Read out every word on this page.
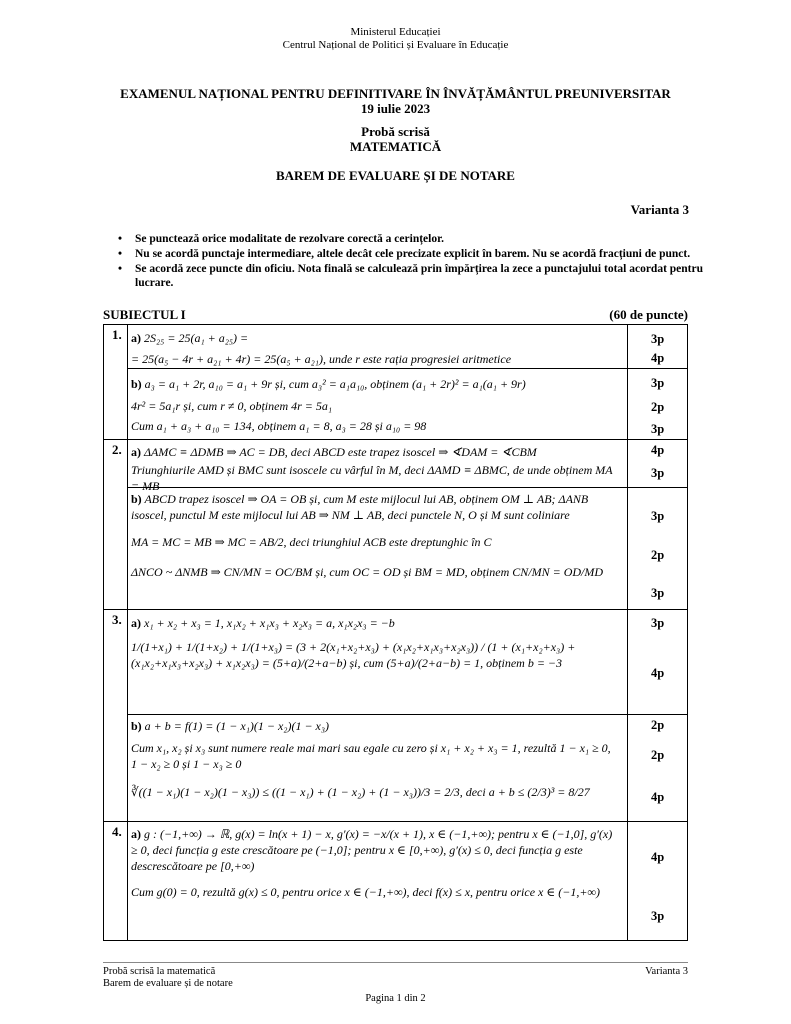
Ministerul Educației
Centrul Național de Politici și Evaluare în Educație
EXAMENUL NAȚIONAL PENTRU DEFINITIVARE ÎN ÎNVĂȚĂMÂNTUL PREUNIVERSITAR
19 iulie 2023
Probă scrisă
MATEMATICĂ
BAREM DE EVALUARE ȘI DE NOTARE
Varianta 3
• Se punctează orice modalitate de rezolvare corectă a cerințelor.
• Nu se acordă punctaje intermediare, altele decât cele precizate explicit în barem. Nu se acordă fracțiuni de punct.
• Se acordă zece puncte din oficiu. Nota finală se calculează prin împărțirea la zece a punctajului total acordat pentru lucrare.
SUBIECTUL I	(60 de puncte)
1. a) 2S₂₅ = 25(a₁ + a₂₅) =
= 25(a₅ − 4r + a₂₁ + 4r) = 25(a₅ + a₂₁), unde r este rația progresiei aritmetice
3p
4p
b) a₃ = a₁ + 2r, a₁₀ = a₁ + 9r și, cum a₃² = a₁a₁₀, obținem (a₁ + 2r)² = a₁(a₁ + 9r)
4r² = 5a₁r și, cum r ≠ 0, obținem 4r = 5a₁
Cum a₁ + a₃ + a₁₀ = 134, obținem a₁ = 8, a₃ = 28 și a₁₀ = 98
3p
2p
3p
2. a) ΔAMC ≡ ΔDMB ⇒ AC = DB, deci ABCD este trapez isoscel ⇒ ∢DAM = ∢CBM
Triunghiurile AMD și BMC sunt isoscele cu vârful în M, deci ΔAMD ≡ ΔBMC, de unde obținem MA = MB
4p
3p
b) ABCD trapez isoscel ⇒ OA = OB și, cum M este mijlocul lui AB, obținem OM ⊥ AB; ΔANB isoscel, punctul M este mijlocul lui AB ⇒ NM ⊥ AB, deci punctele N, O și M sunt coliniare
MA = MC = MB ⇒ MC = AB/2, deci triunghiul ACB este dreptunghic în C
ΔNCO ~ ΔNMB ⇒ CN/MN = OC/BM și, cum OC = OD și BM = MD, obținem CN/MN = OD/MD
3p
2p
3p
3. a) x₁ + x₂ + x₃ = 1, x₁x₂ + x₁x₃ + x₂x₃ = a, x₁x₂x₃ = −b
1/(1+x₁) + 1/(1+x₂) + 1/(1+x₃) = (3 + 2(x₁+x₂+x₃) + (x₁x₂+x₁x₃+x₂x₃)) / (1 + (x₁+x₂+x₃) + (x₁x₂+x₁x₃+x₂x₃) + x₁x₂x₃) = (5+a)/(2+a−b) și, cum (5+a)/(2+a−b) = 1, obținem b = −3
3p
4p
b) a + b = f(1) = (1 − x₁)(1 − x₂)(1 − x₃)
Cum x₁, x₂ și x₃ sunt numere reale mai mari sau egale cu zero și x₁ + x₂ + x₃ = 1, rezultă 1 − x₁ ≥ 0, 1 − x₂ ≥ 0 și 1 − x₃ ≥ 0
∛((1 − x₁)(1 − x₂)(1 − x₃)) ≤ ((1 − x₁) + (1 − x₂) + (1 − x₃))/3 = 2/3, deci a + b ≤ (2/3)³ = 8/27
2p
2p
4p
4. a) g : (−1,+∞) → ℝ, g(x) = ln(x + 1) − x, g′(x) = −x/(x + 1), x ∈ (−1,+∞); pentru x ∈ (−1,0], g′(x) ≥ 0, deci funcția g este crescătoare pe (−1,0]; pentru x ∈ [0,+∞), g′(x) ≤ 0, deci funcția g este descrescătoare pe [0,+∞)
Cum g(0) = 0, rezultă g(x) ≤ 0, pentru orice x ∈ (−1,+∞), deci f(x) ≤ x, pentru orice x ∈ (−1,+∞)
4p
3p
Probă scrisă la matematică
Barem de evaluare și de notare
Varianta 3
Pagina 1 din 2
